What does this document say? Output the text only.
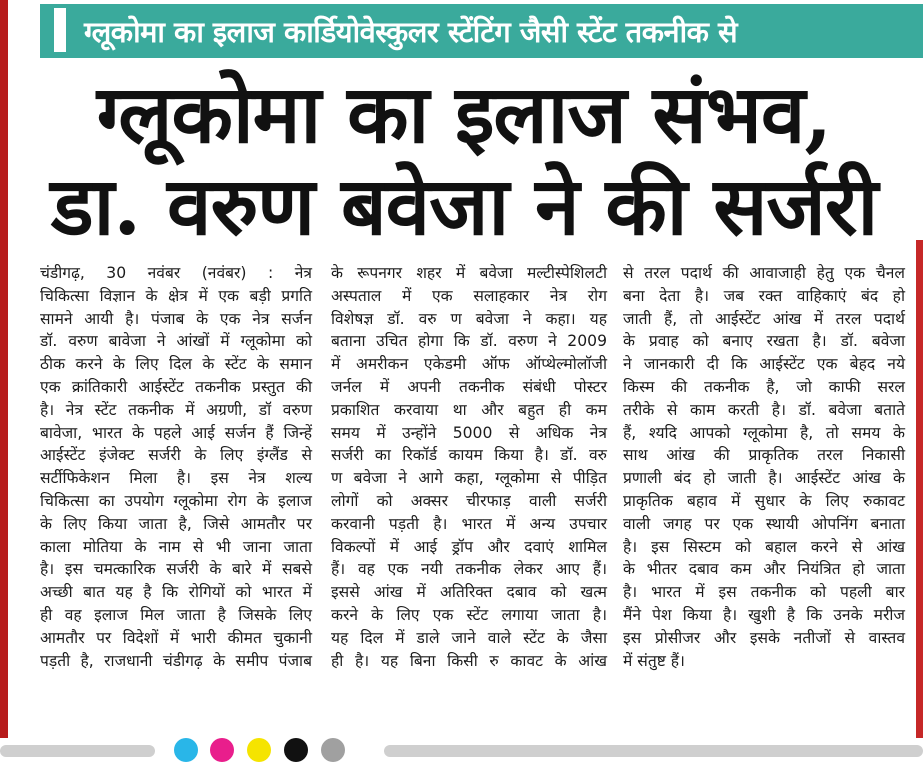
ग्लूकोमा का इलाज कार्डियोवेस्कुलर स्टेंटिंग जैसी स्टेंट तकनीक से
ग्लूकोमा का इलाज संभव,
डा. वरुण बवेजा ने की सर्जरी

चंडीगढ़, 30 नवंबर (नवंबर) : नेत्र

चिकित्सा विज्ञान के क्षेत्र में एक बड़ी प्रगति

सामने आयी है। पंजाब के एक नेत्र सर्जन

डॉ. वरुण बावेजा ने आंखों में ग्लूकोमा को

ठीक करने के लिए दिल के स्टेंट के समान

एक क्रांतिकारी आईस्टेंट तकनीक प्रस्तुत की

है। नेत्र स्टेंट तकनीक में अग्रणी, डॉ वरुण

बावेजा, भारत के पहले आई सर्जन हैं जिन्हें

आईस्टेंट इंजेक्ट सर्जरी के लिए इंग्लैंड से

सर्टीफिकेशन मिला है। इस नेत्र शल्य

चिकित्सा का उपयोग ग्लूकोमा रोग के इलाज

के लिए किया जाता है, जिसे आमतौर पर

काला मोतिया के नाम से भी जाना जाता

है। इस चमत्कारिक सर्जरी के बारे में सबसे

अच्छी बात यह है कि रोगियों को भारत में

ही वह इलाज मिल जाता है जिसके लिए

आमतौर पर विदेशों में भारी कीमत चुकानी

पड़ती है, राजधानी चंडीगढ़ के समीप पंजाब

के रूपनगर शहर में बवेजा मल्टीस्पेशिलटी

अस्पताल में एक सलाहकार नेत्र रोग

विशेषज्ञ डॉ. वरु ण बवेजा ने कहा। यह

बताना उचित होगा कि डॉ. वरुण ने 2009

में अमरीकन एकेडमी ऑफ ऑप्थेल्मोलॉजी

जर्नल में अपनी तकनीक संबंधी पोस्टर

प्रकाशित करवाया था और बहुत ही कम

समय में उन्होंने 5000 से अधिक नेत्र

सर्जरी का रिकॉर्ड कायम किया है। डॉ. वरु

ण बवेजा ने आगे कहा, ग्लूकोमा से पीड़ित

लोगों को अक्सर चीरफाड़ वाली सर्जरी

करवानी पड़ती है। भारत में अन्य उपचार

विकल्पों में आई ड्रॉप और दवाएं शामिल

हैं। वह एक नयी तकनीक लेकर आए हैं।

इससे आंख में अतिरिक्त दबाव को खत्म

करने के लिए एक स्टेंट लगाया जाता है।

यह दिल में डाले जाने वाले स्टेंट के जैसा

ही है। यह बिना किसी रु कावट के आंख

से तरल पदार्थ की आवाजाही हेतु एक चैनल

बना देता है। जब रक्त वाहिकाएं बंद हो

जाती हैं, तो आईस्टेंट आंख में तरल पदार्थ

के प्रवाह को बनाए रखता है। डॉ. बवेजा

ने जानकारी दी कि आईस्टेंट एक बेहद नये

किस्म की तकनीक है, जो काफी सरल

तरीके से काम करती है। डॉ. बवेजा बताते

हैं, श्यदि आपको ग्लूकोमा है, तो समय के

साथ आंख की प्राकृतिक तरल निकासी

प्रणाली बंद हो जाती है। आईस्टेंट आंख के

प्राकृतिक बहाव में सुधार के लिए रुकावट

वाली जगह पर एक स्थायी ओपनिंग बनाता

है। इस सिस्टम को बहाल करने से आंख

के भीतर दबाव कम और नियंत्रित हो जाता

है। भारत में इस तकनीक को पहली बार

मैंने पेश किया है। खुशी है कि उनके मरीज

इस प्रोसीजर और इसके नतीजों से वास्तव

में संतुष्ट हैं।
